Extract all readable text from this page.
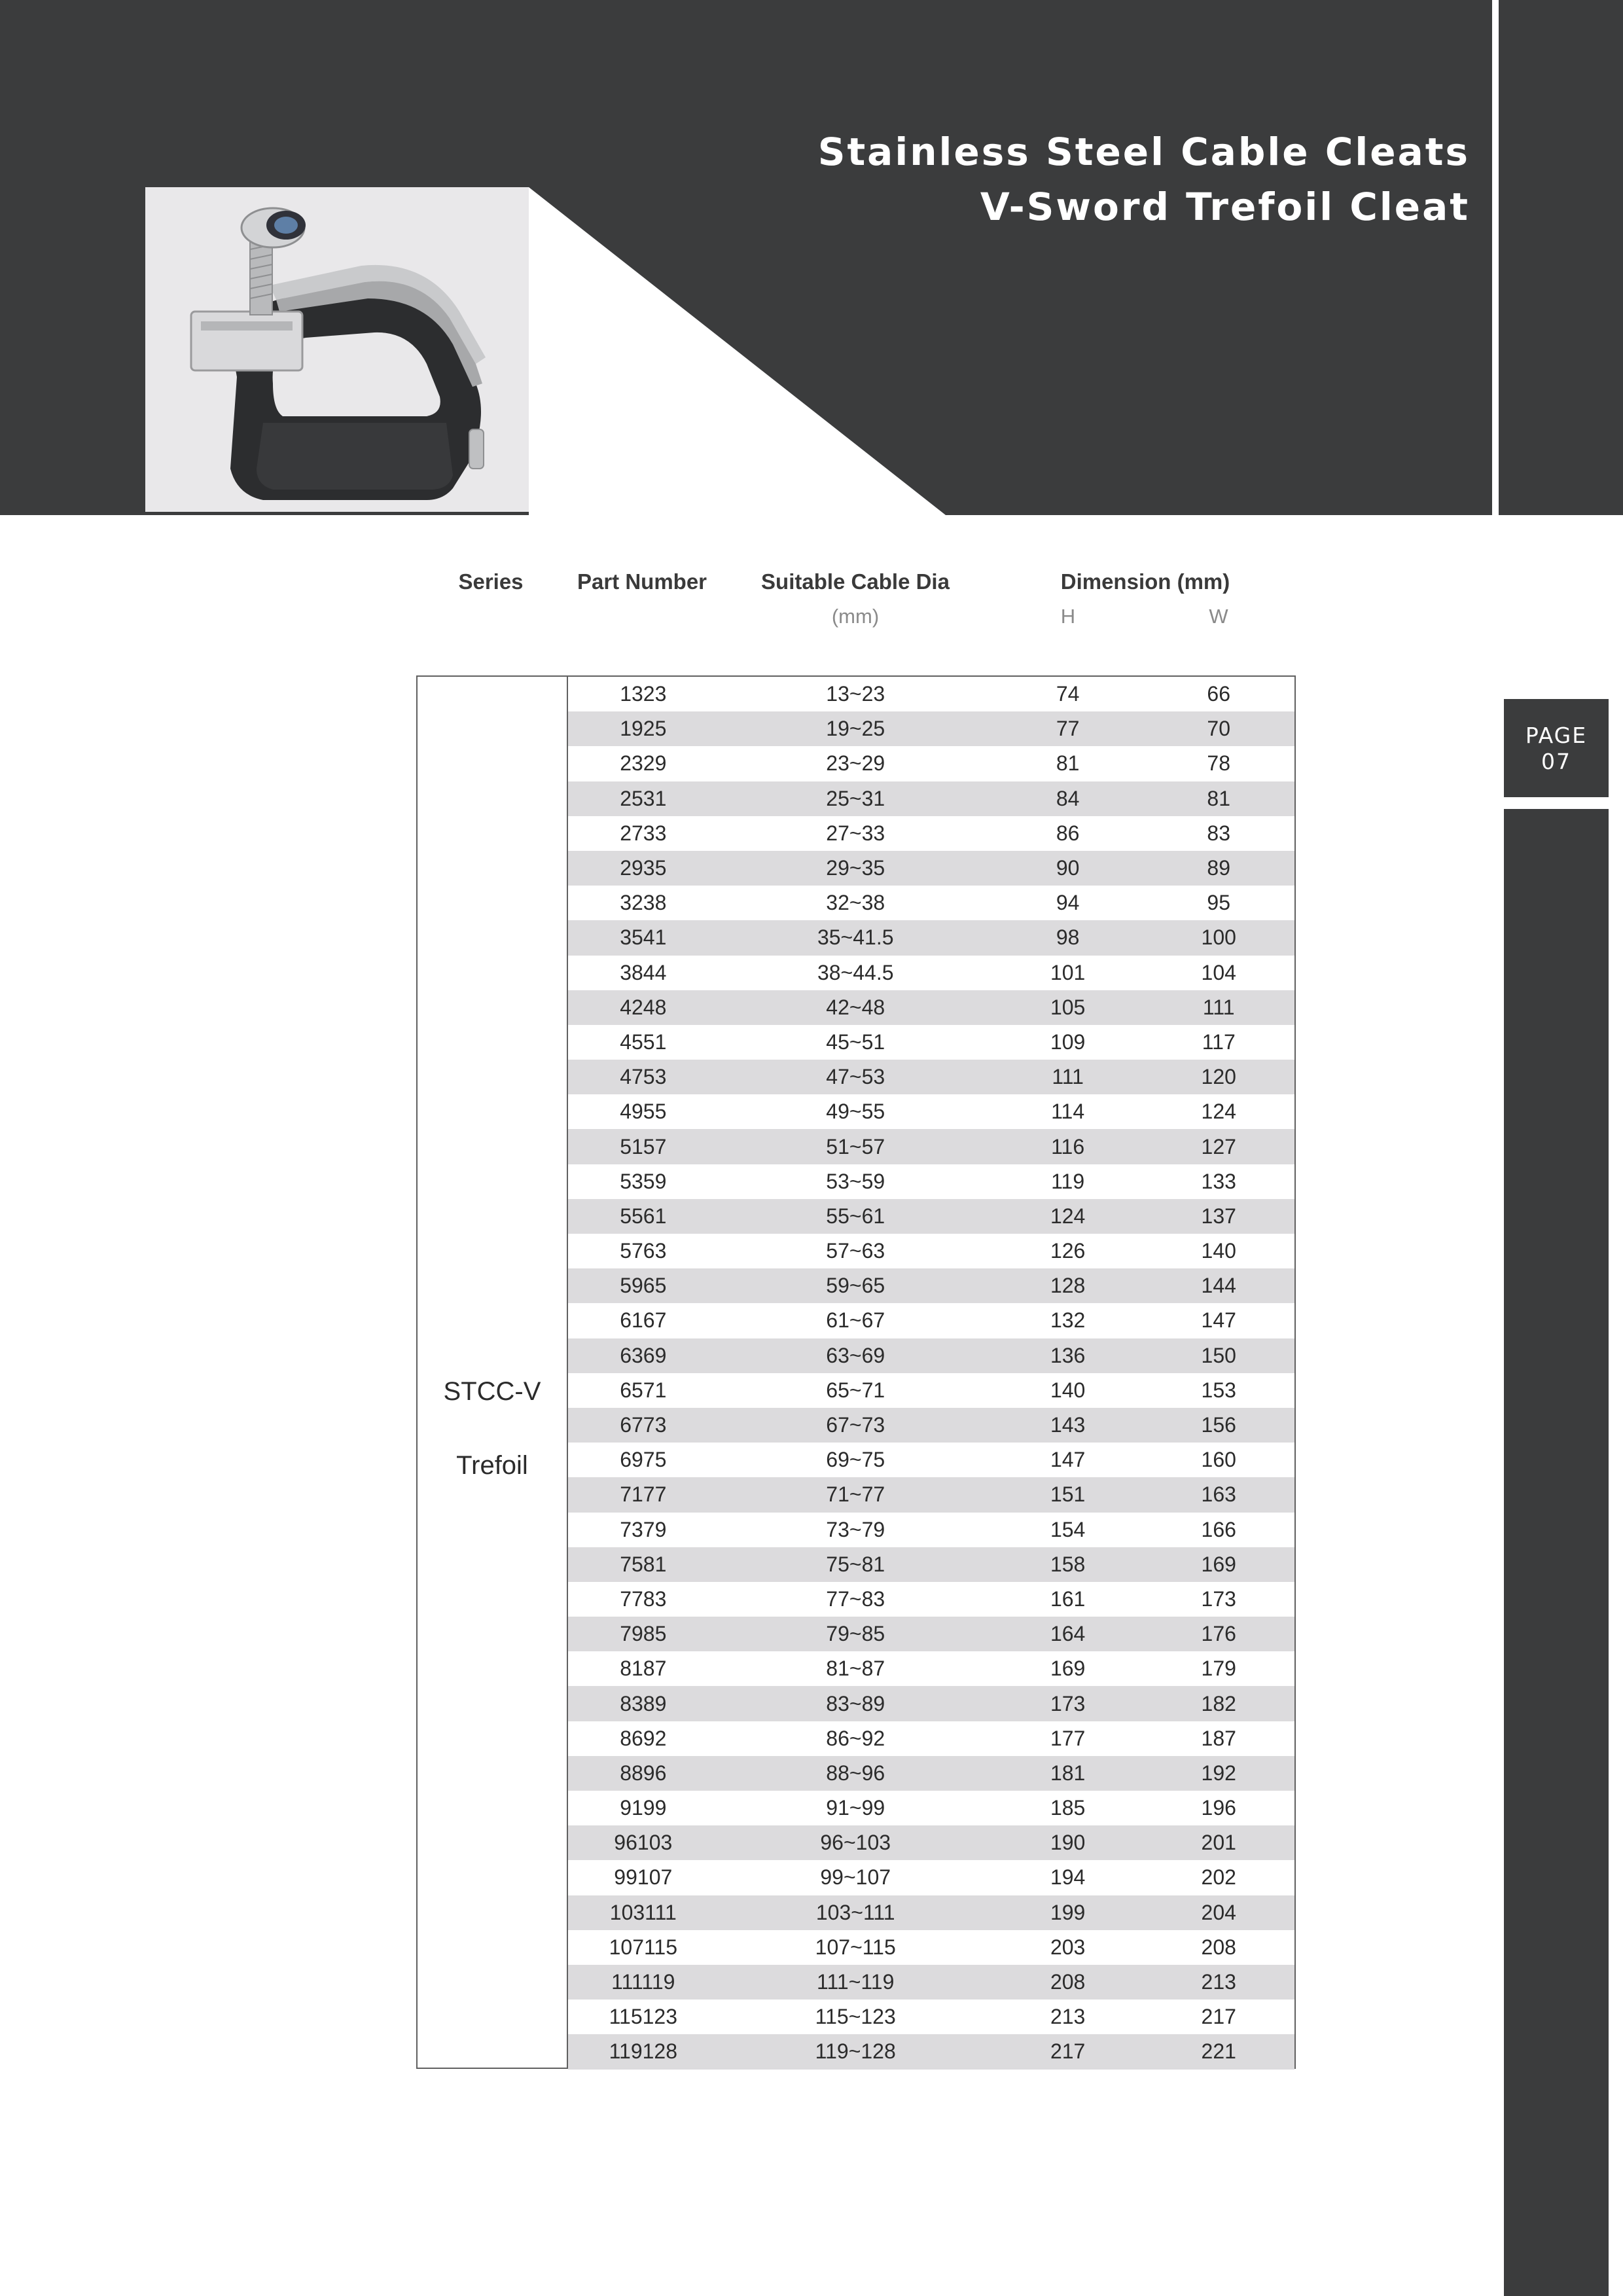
Stainless Steel Cable Cleats
V-Sword Trefoil Cleat
PAGE
07
Series	Part Number	Suitable Cable Dia
(mm)
Dimension (mm)
H	W
STCC-V
Trefoil
1323	13~23	74	66
1925	19~25	77	70
2329	23~29	81	78
2531	25~31	84	81
2733	27~33	86	83
2935	29~35	90	89
3238	32~38	94	95
3541	35~41.5	98	100
3844	38~44.5	101	104
4248	42~48	105	111
4551	45~51	109	117
4753	47~53	111	120
4955	49~55	114	124
5157	51~57	116	127
5359	53~59	119	133
5561	55~61	124	137
5763	57~63	126	140
5965	59~65	128	144
6167	61~67	132	147
6369	63~69	136	150
6571	65~71	140	153
6773	67~73	143	156
6975	69~75	147	160
7177	71~77	151	163
7379	73~79	154	166
7581	75~81	158	169
7783	77~83	161	173
7985	79~85	164	176
8187	81~87	169	179
8389	83~89	173	182
8692	86~92	177	187
8896	88~96	181	192
9199	91~99	185	196
96103	96~103	190	201
99107	99~107	194	202
103111	103~111	199	204
107115	107~115	203	208
111119	111~119	208	213
115123	115~123	213	217
119128	119~128	217	221
